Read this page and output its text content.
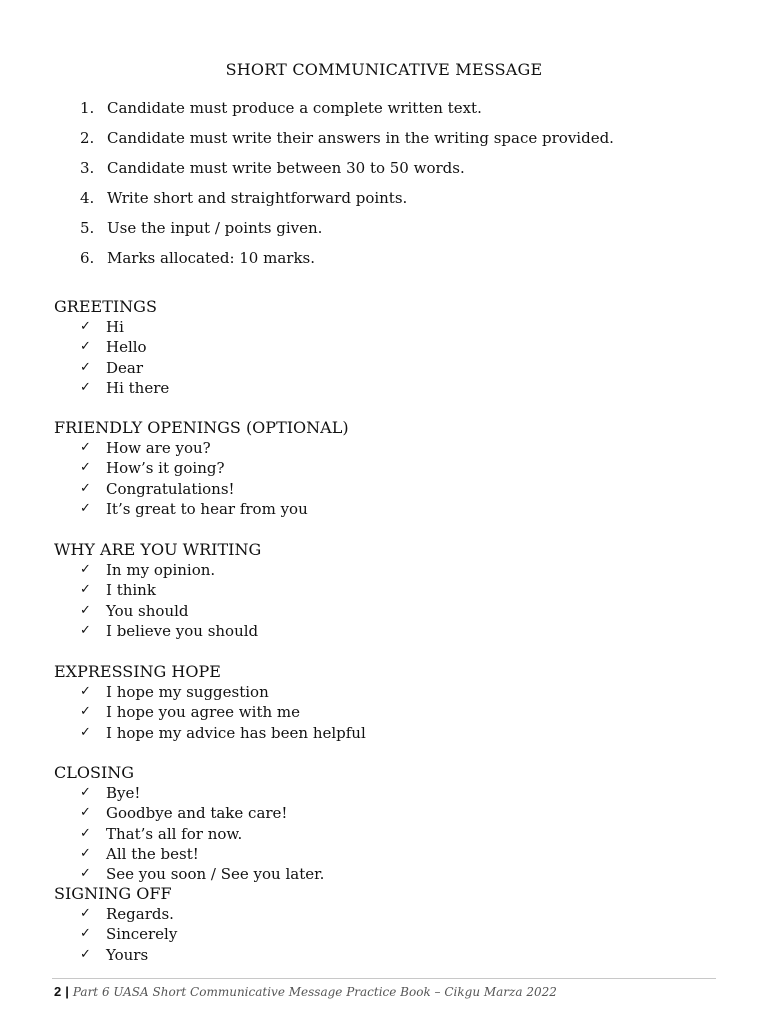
SHORT COMMUNICATIVE MESSAGE
1. Candidate must produce a complete written text.
2. Candidate must write their answers in the writing space provided.
3. Candidate must write between 30 to 50 words.
4. Write short and straightforward points.
5. Use the input / points given.
6. Marks allocated: 10 marks.
GREETINGS
✓	Hi
✓	Hello
✓	Dear
✓	Hi there
FRIENDLY OPENINGS (OPTIONAL)
✓	How are you?
✓	How’s it going?
✓	Congratulations!
✓	It’s great to hear from you
WHY ARE YOU WRITING
✓	In my opinion.
✓	I think
✓	You should
✓	I believe you should
EXPRESSING HOPE
✓	I hope my suggestion
✓	I hope you agree with me
✓	I hope my advice has been helpful
CLOSING
✓	Bye!
✓	Goodbye and take care!
✓	That’s all for now.
✓	All the best!
✓	See you soon / See you later.
SIGNING OFF
✓	Regards.
✓	Sincerely
✓	Yours
2 | Part 6 UASA Short Communicative Message Practice Book – Cikgu Marza 2022
